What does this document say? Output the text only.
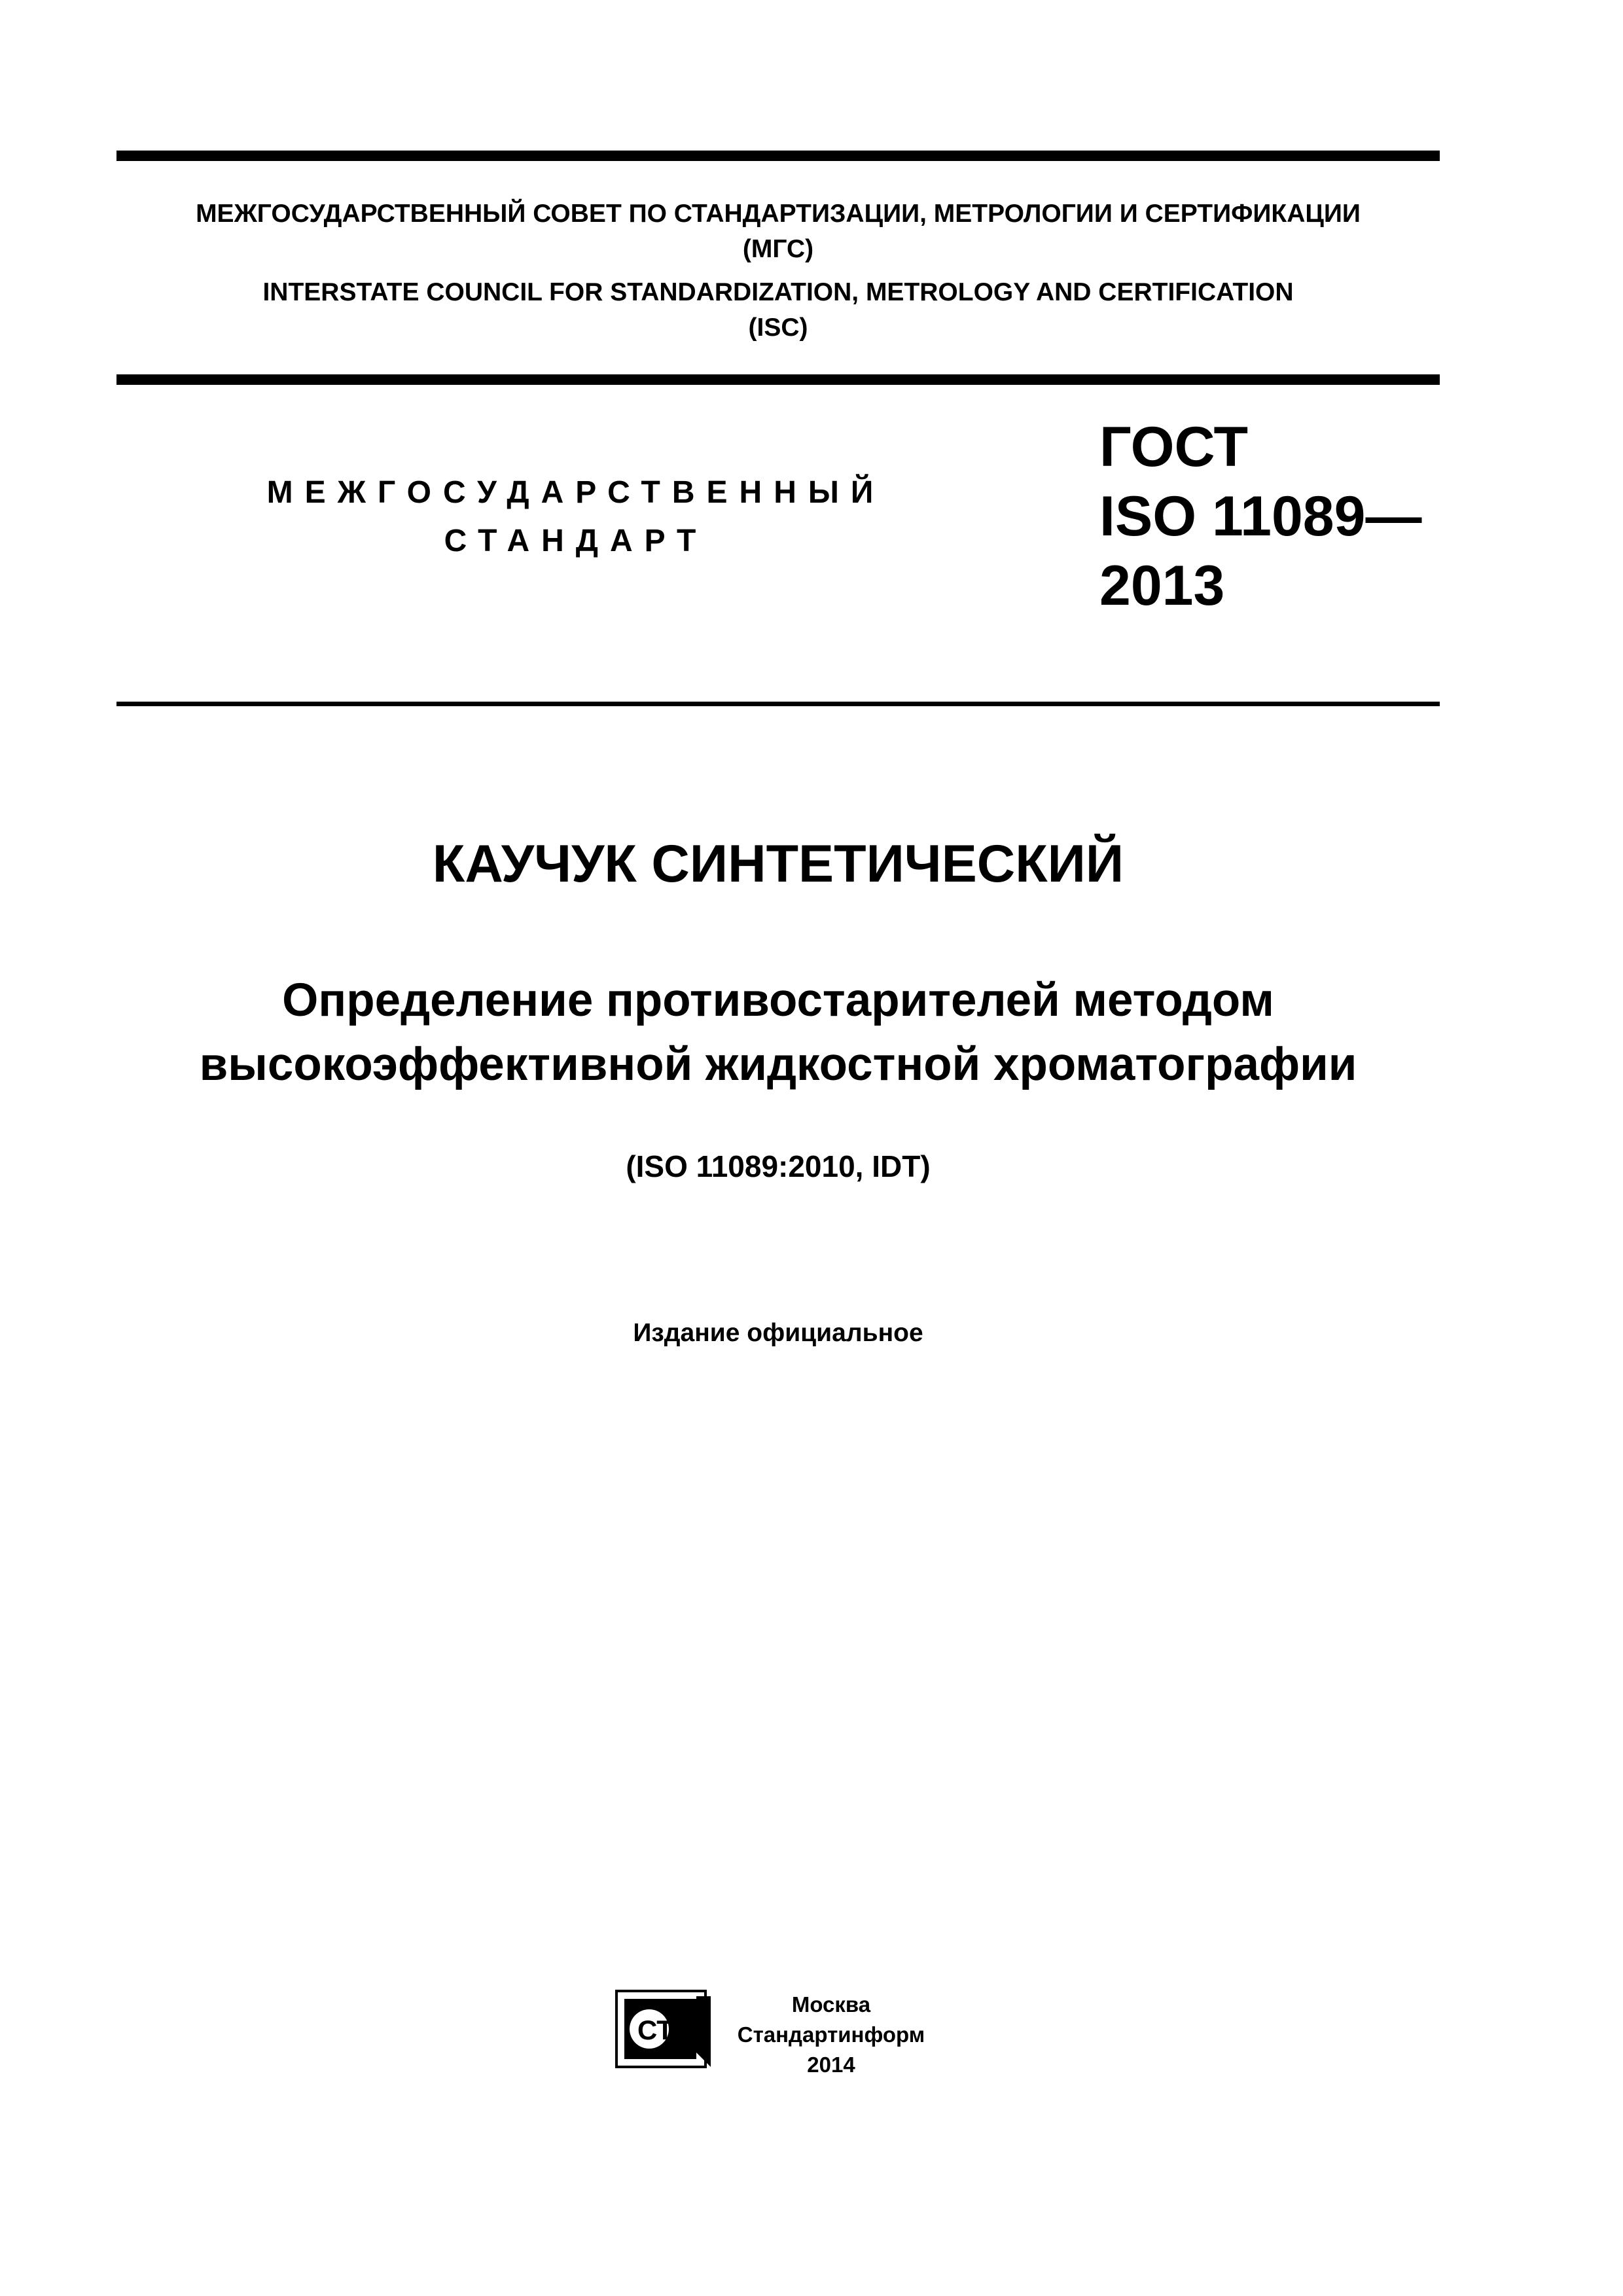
МЕЖГОСУДАРСТВЕННЫЙ СОВЕТ ПО СТАНДАРТИЗАЦИИ, МЕТРОЛОГИИ И СЕРТИФИКАЦИИ
(МГС)
INTERSTATE COUNCIL FOR STANDARDIZATION, METROLOGY AND CERTIFICATION
(ISC)
МЕЖГОСУДАРСТВЕННЫЙ
СТАНДАРТ
ГОСТ
ISO 11089—
2013
КАУЧУК СИНТЕТИЧЕСКИЙ
Определение противостарителей методом
высокоэффективной жидкостной хроматографии
(ISO 11089:2010, IDT)
Издание официальное
СТИ
Москва
Стандартинформ
2014
